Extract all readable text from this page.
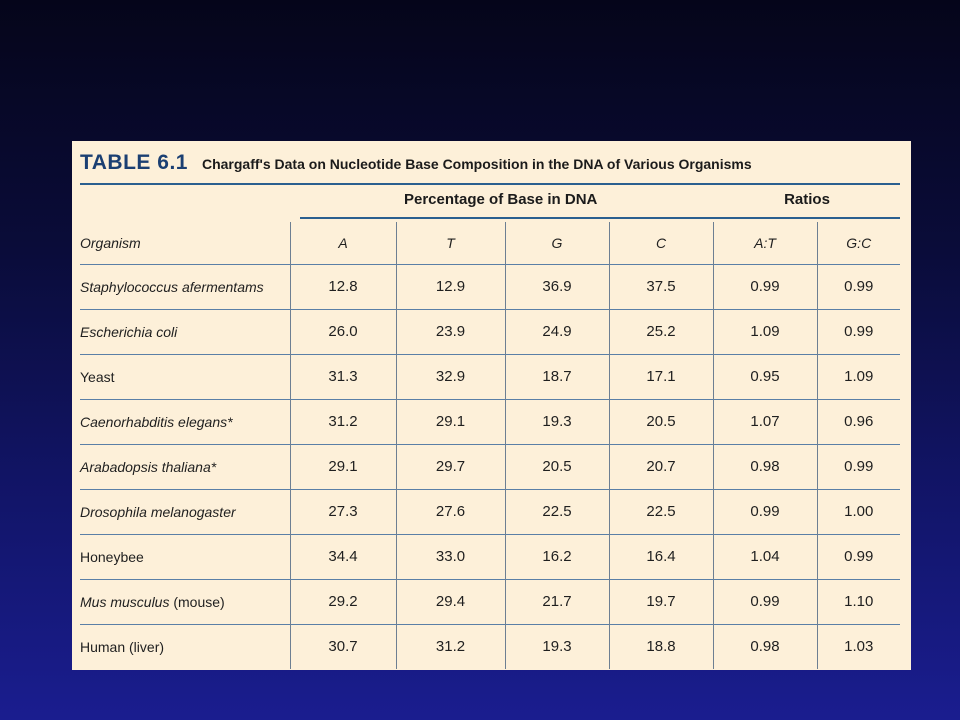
TABLE 6.1 Chargaff's Data on Nucleotide Base Composition in the DNA of Various Organisms
Percentage of Base in DNA	Ratios
Organism	A	T	G	C	A:T	G:C
Staphylococcus afermentams	12.8	12.9	36.9	37.5	0.99	0.99
Escherichia coli	26.0	23.9	24.9	25.2	1.09	0.99
Yeast	31.3	32.9	18.7	17.1	0.95	1.09
Caenorhabditis elegans*	31.2	29.1	19.3	20.5	1.07	0.96
Arabadopsis thaliana*	29.1	29.7	20.5	20.7	0.98	0.99
Drosophila melanogaster	27.3	27.6	22.5	22.5	0.99	1.00
Honeybee	34.4	33.0	16.2	16.4	1.04	0.99
Mus musculus (mouse)	29.2	29.4	21.7	19.7	0.99	1.10
Human (liver)	30.7	31.2	19.3	18.8	0.98	1.03
